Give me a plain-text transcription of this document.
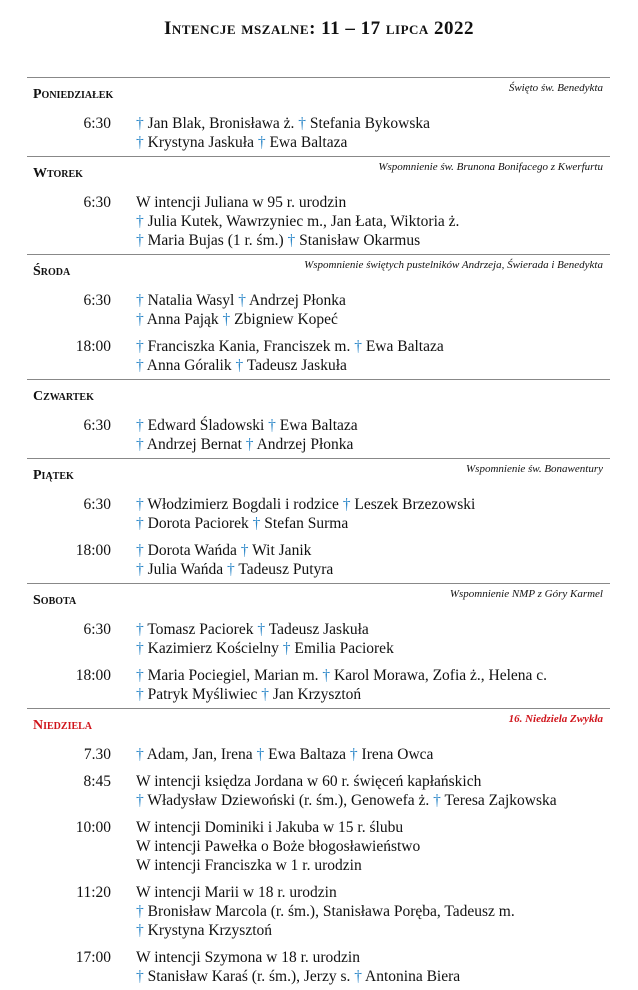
Intencje mszalne: 11 – 17 lipca 2022
Poniedziałek	Święto św. Benedykta
6:30 † Jan Blak, Bronisława ż. † Stefania Bykowska
† Krystyna Jaskuła † Ewa Baltaza
Wtorek	Wspomnienie św. Brunona Bonifacego z Kwerfurtu
6:30 W intencji Juliana w 95 r. urodzin
† Julia Kutek, Wawrzyniec m., Jan Łata, Wiktoria ż.
† Maria Bujas (1 r. śm.) † Stanisław Okarmus
Środa	Wspomnienie świętych pustelników Andrzeja, Świerada i Benedykta
6:30 † Natalia Wasyl † Andrzej Płonka
† Anna Pająk † Zbigniew Kopeć
18:00 † Franciszka Kania, Franciszek m. † Ewa Baltaza
† Anna Góralik † Tadeusz Jaskuła
Czwartek
6:30 † Edward Śladowski † Ewa Baltaza
† Andrzej Bernat † Andrzej Płonka
Piątek	Wspomnienie św. Bonawentury
6:30 † Włodzimierz Bogdali i rodzice † Leszek Brzezowski
† Dorota Paciorek † Stefan Surma
18:00 † Dorota Wańda † Wit Janik
† Julia Wańda † Tadeusz Putyra
Sobota	Wspomnienie NMP z Góry Karmel
6:30 † Tomasz Paciorek † Tadeusz Jaskuła
† Kazimierz Kościelny † Emilia Paciorek
18:00 † Maria Pociegiel, Marian m. † Karol Morawa, Zofia ż., Helena c.
† Patryk Myśliwiec † Jan Krzysztoń
Niedziela	16. Niedziela Zwykła
7.30 † Adam, Jan, Irena † Ewa Baltaza † Irena Owca
8:45 W intencji księdza Jordana w 60 r. święceń kapłańskich
† Władysław Dziewoński (r. śm.), Genowefa ż. † Teresa Zajkowska
10:00 W intencji Dominiki i Jakuba w 15 r. ślubu
W intencji Pawełka o Boże błogosławieństwo
W intencji Franciszka w 1 r. urodzin
11:20 W intencji Marii w 18 r. urodzin
† Bronisław Marcola (r. śm.), Stanisława Poręba, Tadeusz m.
† Krystyna Krzysztoń
17:00 W intencji Szymona w 18 r. urodzin
† Stanisław Karaś (r. śm.), Jerzy s. † Antonina Biera
